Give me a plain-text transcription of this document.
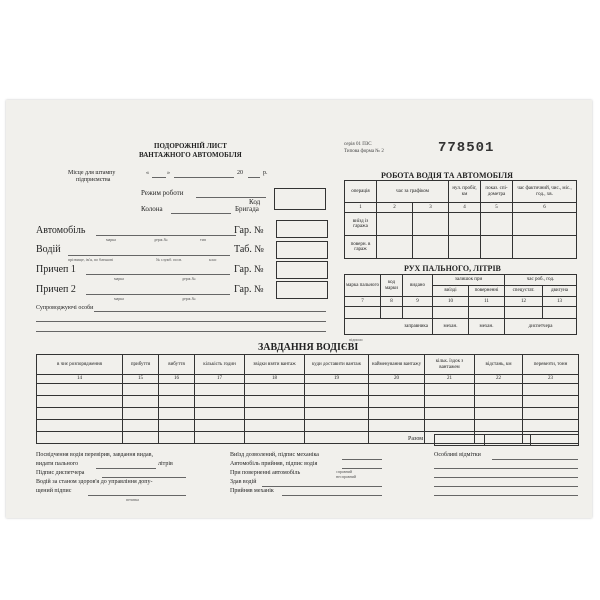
ПОДОРОЖНІЙ ЛИСТ
ВАНТАЖНОГО АВТОМОБІЛЯ
серія 01 ПЗС
Типова форма № 2	778501
Місце для штампу
підприємства
«	»	20	р.
Режим роботи
Код
Колона	Бригада
Автомобіль
марка	держ.№	тип
Гар. №
Водій
прізвище, ім'я, по батькові	№ служб. посв.	клас
Таб. №
Причеп 1
марка	держ.№
Гар. №
Причеп 2
марка	держ.№
Гар. №
Супроводжуючі особи
РОБОТА ВОДІЯ ТА АВТОМОБІЛЯ
операція	час за графіком		нул. пробіг, км	показ. спі-дометра	час фактичний, чис., міс., год., хв.
1	2	3	4	5	6
виїзд із гаража					
поверн. в гараж					
РУХ ПАЛЬНОГО, ЛІТРІВ
марка пального	код марки	видано	залишок при		час роб., год.	
			виїзді	поверненні	спецустат.	двигуна
7	8	9	10	11	12	13

заправника			механ.	механ.	диспетчера	
підписи
ЗАВДАННЯ ВОДІЄВІ
в чиє розпорядження	прибуття	вибуття	кількість годин	звідки взяти вантаж	куди доставити вантаж	найменування вантажу	кільк. їздок з вантажем	відстань, км	перевезти, тонн
14	15	16	17	18	19	20	21	22	23

Разом

Посвідчення водія перевірив, завдання видав,
видати пального	літрів
Підпис диспетчера
Водій за станом здоров'я до управління допу-
щений підпис
печатка
Виїзд дозволений, підпис механіка
Автомобіль прийняв, підпис водія
При поверненні автомобіль	справний
несправний
Здав водій
Прийняв механік
Особливі відмітки
